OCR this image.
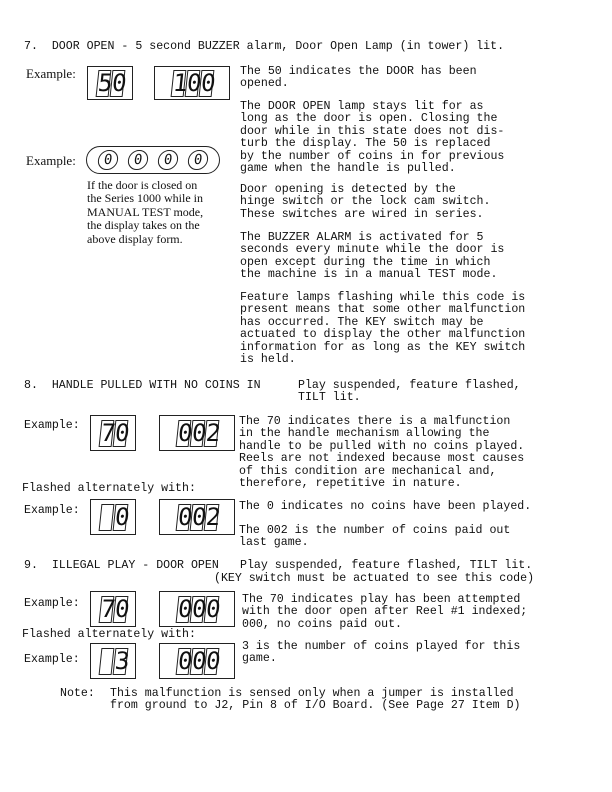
7.  DOOR OPEN - 5 second BUZZER alarm, Door Open Lamp (in tower) lit.
Example: 5
0 1
0
0 The 50 indicates the DOOR has been
opened.
The DOOR OPEN lamp stays lit for as
long as the door is open. Closing the
door while in this state does not dis-
turb the display. The 50 is replaced
by the number of coins in for previous
game when the handle is pulled.
Example:	0	0	0	0
If the door is closed on
the Series 1000 while in
MANUAL TEST mode,
the display takes on the
above display form.
Door opening is detected by the
hinge switch or the lock cam switch.
These switches are wired in series.
The BUZZER ALARM is activated for 5
seconds every minute while the door is
open except during the time in which
the machine is in a manual TEST mode.
Feature lamps flashing while this code is
present means that some other malfunction
has occurred. The KEY switch may be
actuated to display the other malfunction
information for as long as the KEY switch
is held.
8.  HANDLE PULLED WITH NO COINS IN	Play suspended, feature flashed,
TILT lit.
Example: 7
0 0
0
2 The 70 indicates there is a malfunction
in the handle mechanism allowing the
handle to be pulled with no coins played.
Reels are not indexed because most causes
of this condition are mechanical and,
therefore, repetitive in nature.
Flashed alternately with:
Example: 0 0
0
2 The 0 indicates no coins have been played.
The 002 is the number of coins paid out
last game.
9.  ILLEGAL PLAY - DOOR OPEN Play suspended, feature flashed, TILT lit.
(KEY switch must be actuated to see this code)
Example: 7
0 0
0
0 The 70 indicates play has been attempted
with the door open after Reel #1 indexed;
000, no coins paid out.
Flashed alternately with:
Example: 3 0
0
0 3 is the number of coins played for this
game.
Note: This malfunction is sensed only when a jumper is installed
from ground to J2, Pin 8 of I/O Board. (See Page 27 Item D)
